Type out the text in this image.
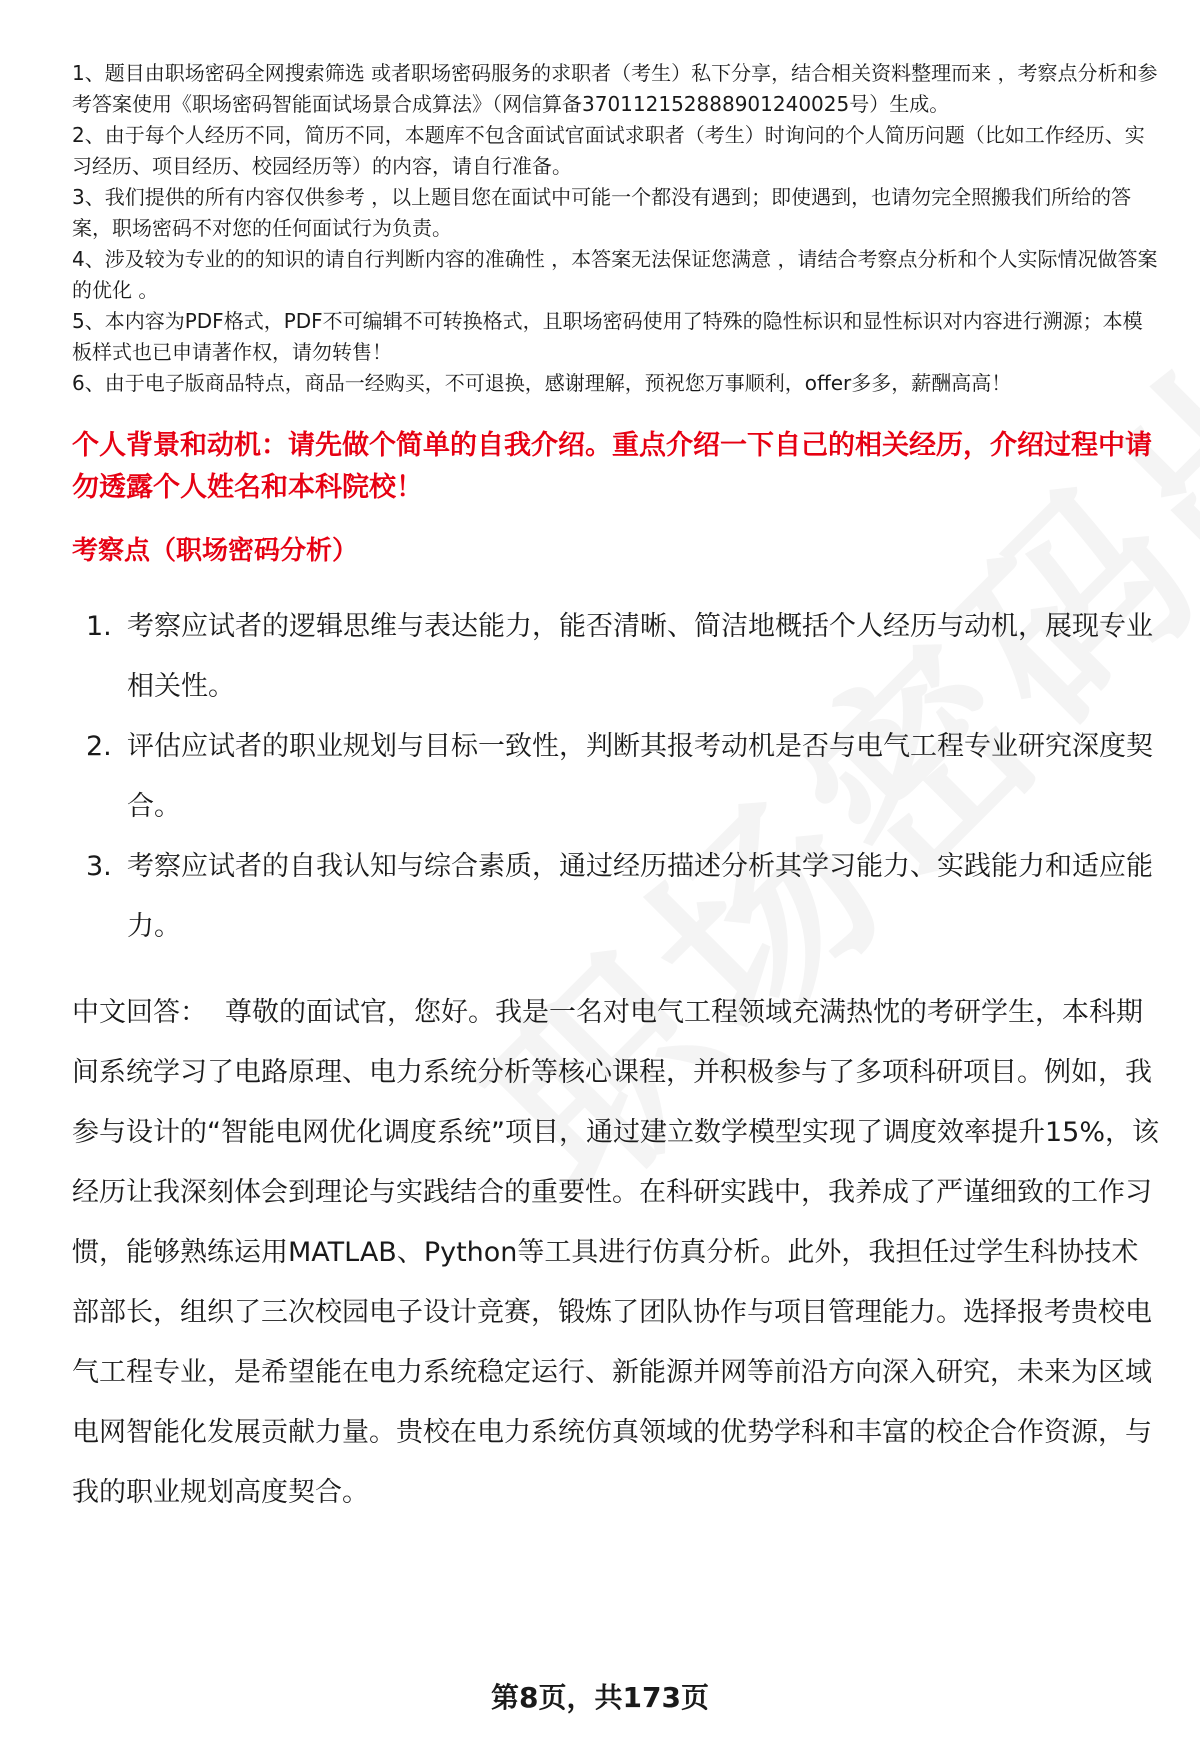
1、题目由职场密码全网搜索筛选 或者职场密码服务的求职者（考生）私下分享，结合相关资料整理而来 ，考察点分析和参考答案使用《职场密码智能面试场景合成算法》（网信算备370112152888901240025号）生成。

2、由于每个人经历不同，简历不同，本题库不包含面试官面试求职者（考生）时询问的个人简历问题（比如工作经历、实习经历、项目经历、校园经历等）的内容，请自行准备。

3、我们提供的所有内容仅供参考 ，以上题目您在面试中可能一个都没有遇到；即使遇到，也请勿完全照搬我们所给的答案，职场密码不对您的任何面试行为负责。

4、涉及较为专业的的知识的请自行判断内容的准确性 ，本答案无法保证您满意 ，请结合考察点分析和个人实际情况做答案的优化 。

5、本内容为PDF格式，PDF不可编辑不可转换格式，且职场密码使用了特殊的隐性标识和显性标识对内容进行溯源；本模板样式也已申请著作权，请勿转售！

6、由于电子版商品特点，商品一经购买，不可退换，感谢理解，预祝您万事顺利，offer多多，薪酬高高！

个人背景和动机：请先做个简单的自我介绍。重点介绍一下自己的相关经历，介绍过程中请勿透露个人姓名和本科院校！
考察点（职场密码分析）
1. 考察应试者的逻辑思维与表达能力，能否清晰、简洁地概括个人经历与动机，展现专业相关性。
2. 评估应试者的职业规划与目标一致性，判断其报考动机是否与电气工程专业研究深度契合。
3. 考察应试者的自我认知与综合素质，通过经历描述分析其学习能力、实践能力和适应能力。
中文回答： 尊敬的面试官，您好。我是一名对电气工程领域充满热忱的考研学生，本科期间系统学习了电路原理、电力系统分析等核心课程，并积极参与了多项科研项目。例如，我参与设计的“智能电网优化调度系统”项目，通过建立数学模型实现了调度效率提升15%，该经历让我深刻体会到理论与实践结合的重要性。在科研实践中，我养成了严谨细致的工作习惯，能够熟练运用MATLAB、Python等工具进行仿真分析。此外，我担任过学生科协技术部部长，组织了三次校园电子设计竞赛，锻炼了团队协作与项目管理能力。选择报考贵校电气工程专业，是希望能在电力系统稳定运行、新能源并网等前沿方向深入研究，未来为区域电网智能化发展贡献力量。贵校在电力系统仿真领域的优势学科和丰富的校企合作资源，与我的职业规划高度契合。
第8页，共173页
